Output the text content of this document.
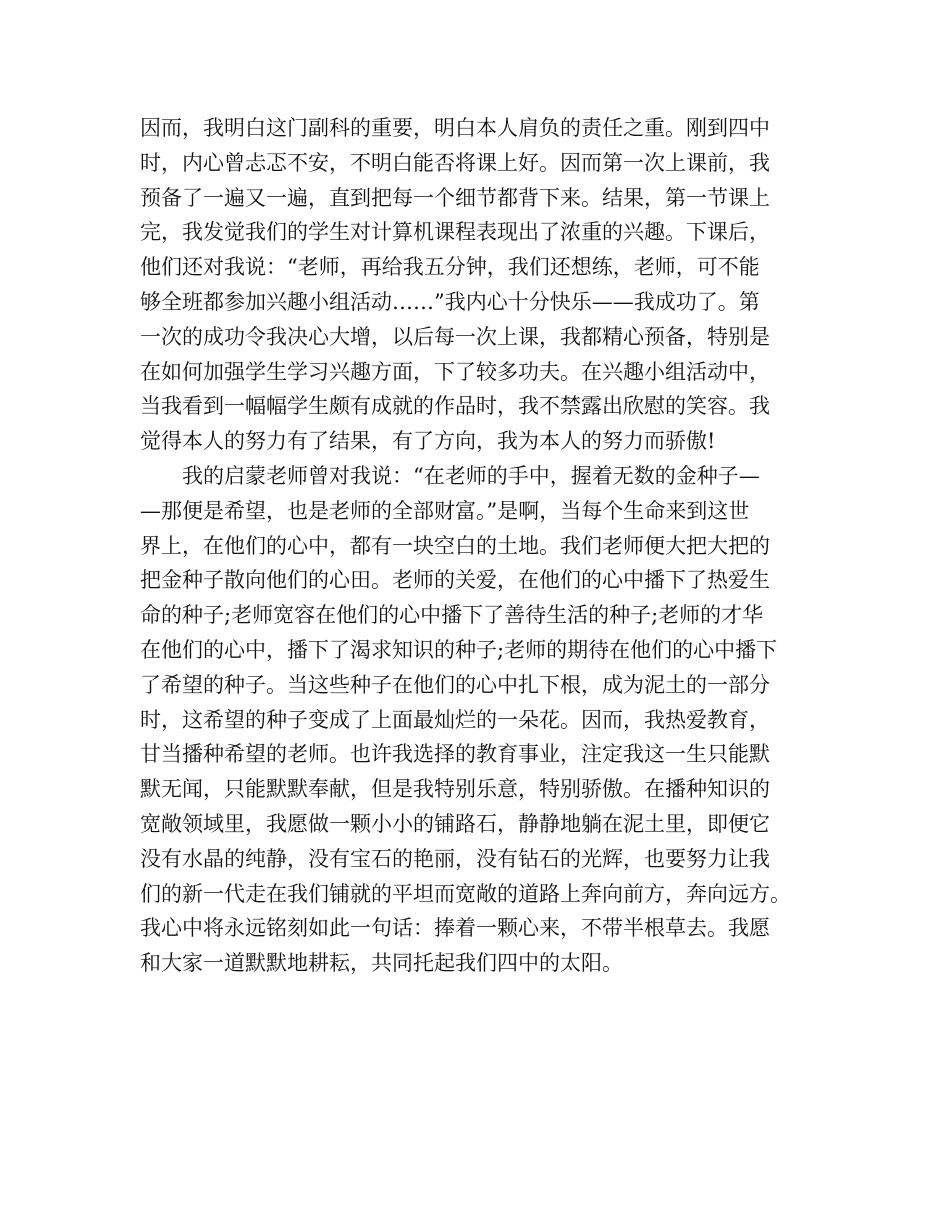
因而，我明白这门副科的重要，明白本人肩负的责任之重。刚到四中
时，内心曾忐忑不安，不明白能否将课上好。因而第一次上课前，我
预备了一遍又一遍，直到把每一个细节都背下来。结果，第一节课上
完，我发觉我们的学生对计算机课程表现出了浓重的兴趣。下课后，
他们还对我说：“老师，再给我五分钟，我们还想练，老师，可不能
够全班都参加兴趣小组活动……”我内心十分快乐——我成功了。第
一次的成功令我决心大增，以后每一次上课，我都精心预备，特别是
在如何加强学生学习兴趣方面，下了较多功夫。在兴趣小组活动中，
当我看到一幅幅学生颇有成就的作品时，我不禁露出欣慰的笑容。我
觉得本人的努力有了结果，有了方向，我为本人的努力而骄傲!
　　我的启蒙老师曾对我说：“在老师的手中，握着无数的金种子—
—那便是希望，也是老师的全部财富。”是啊，当每个生命来到这世
界上，在他们的心中，都有一块空白的土地。我们老师便大把大把的
把金种子散向他们的心田。老师的关爱，在他们的心中播下了热爱生
命的种子;老师宽容在他们的心中播下了善待生活的种子;老师的才华
在他们的心中，播下了渴求知识的种子;老师的期待在他们的心中播下
了希望的种子。当这些种子在他们的心中扎下根，成为泥土的一部分
时，这希望的种子变成了上面最灿烂的一朵花。因而，我热爱教育，
甘当播种希望的老师。也许我选择的教育事业，注定我这一生只能默
默无闻，只能默默奉献，但是我特别乐意，特别骄傲。在播种知识的
宽敞领域里，我愿做一颗小小的铺路石，静静地躺在泥土里，即便它
没有水晶的纯静，没有宝石的艳丽，没有钻石的光辉，也要努力让我
们的新一代走在我们铺就的平坦而宽敞的道路上奔向前方，奔向远方。
我心中将永远铭刻如此一句话：捧着一颗心来，不带半根草去。我愿
和大家一道默默地耕耘，共同托起我们四中的太阳。
